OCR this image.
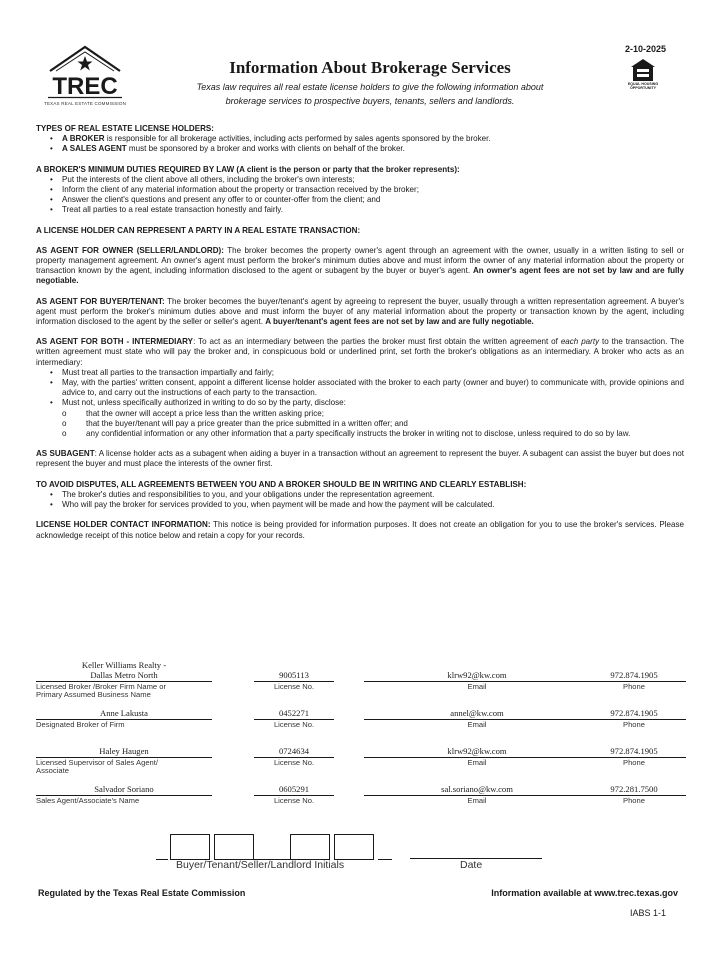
TREC
TEXAS REAL ESTATE COMMISSION
2-10-2025
EQUAL HOUSING
OPPORTUNITY
Information About Brokerage Services
Texas law requires all real estate license holders to give the following information about
brokerage services to prospective buyers, tenants, sellers and landlords.
TYPES OF REAL ESTATE LICENSE HOLDERS:
• A BROKER is responsible for all brokerage activities, including acts performed by sales agents sponsored by the broker.
• A SALES AGENT must be sponsored by a broker and works with clients on behalf of the broker.
A BROKER'S MINIMUM DUTIES REQUIRED BY LAW (A client is the person or party that the broker represents):
• Put the interests of the client above all others, including the broker's own interests;
• Inform the client of any material information about the property or transaction received by the broker;
• Answer the client's questions and present any offer to or counter-offer from the client; and
• Treat all parties to a real estate transaction honestly and fairly.
A LICENSE HOLDER CAN REPRESENT A PARTY IN A REAL ESTATE TRANSACTION:
AS AGENT FOR OWNER (SELLER/LANDLORD): The broker becomes the property owner's agent through an agreement with the owner, usually in a written listing to sell or property management agreement. An owner's agent must perform the broker's minimum duties above and must inform the owner of any material information about the property or transaction known by the agent, including information disclosed to the agent or subagent by the buyer or buyer's agent. An owner's agent fees are not set by law and are fully negotiable.
AS AGENT FOR BUYER/TENANT: The broker becomes the buyer/tenant's agent by agreeing to represent the buyer, usually through a written representation agreement. A buyer's agent must perform the broker's minimum duties above and must inform the buyer of any material information about the property or transaction known by the agent, including information disclosed to the agent by the seller or seller's agent. A buyer/tenant's agent fees are not set by law and are fully negotiable.
AS AGENT FOR BOTH - INTERMEDIARY: To act as an intermediary between the parties the broker must first obtain the written agreement of each party to the transaction. The written agreement must state who will pay the broker and, in conspicuous bold or underlined print, set forth the broker's obligations as an intermediary. A broker who acts as an intermediary:
• Must treat all parties to the transaction impartially and fairly;
• May, with the parties' written consent, appoint a different license holder associated with the broker to each party (owner and buyer) to communicate with, provide opinions and advice to, and carry out the instructions of each party to the transaction.
• Must not, unless specifically authorized in writing to do so by the party, disclose:
o that the owner will accept a price less than the written asking price;
o that the buyer/tenant will pay a price greater than the price submitted in a written offer; and
o any confidential information or any other information that a party specifically instructs the broker in writing not to disclose, unless required to do so by law.
AS SUBAGENT: A license holder acts as a subagent when aiding a buyer in a transaction without an agreement to represent the buyer. A subagent can assist the buyer but does not represent the buyer and must place the interests of the owner first.
TO AVOID DISPUTES, ALL AGREEMENTS BETWEEN YOU AND A BROKER SHOULD BE IN WRITING AND CLEARLY ESTABLISH:
• The broker's duties and responsibilities to you, and your obligations under the representation agreement.
• Who will pay the broker for services provided to you, when payment will be made and how the payment will be calculated.
LICENSE HOLDER CONTACT INFORMATION: This notice is being provided for information purposes. It does not create an obligation for you to use the broker's services. Please acknowledge receipt of this notice below and retain a copy for your records.
Keller Williams Realty -
Dallas Metro North
Licensed Broker /Broker Firm Name or
Primary Assumed Business Name
9005113
License No.
klrw92@kw.com
Email
972.874.1905
Phone
Anne Lakusta
Designated Broker of Firm
0452271
License No.
annel@kw.com
Email
972.874.1905
Phone
Haley Haugen
Licensed Supervisor of Sales Agent/
Associate
0724634
License No.
klrw92@kw.com
Email
972.874.1905
Phone
Salvador Soriano
Sales Agent/Associate's Name
0605291
License No.
sal.soriano@kw.com
Email
972.281.7500
Phone
Buyer/Tenant/Seller/Landlord Initials	Date
Regulated by the Texas Real Estate Commission	Information available at www.trec.texas.gov
IABS 1-1
